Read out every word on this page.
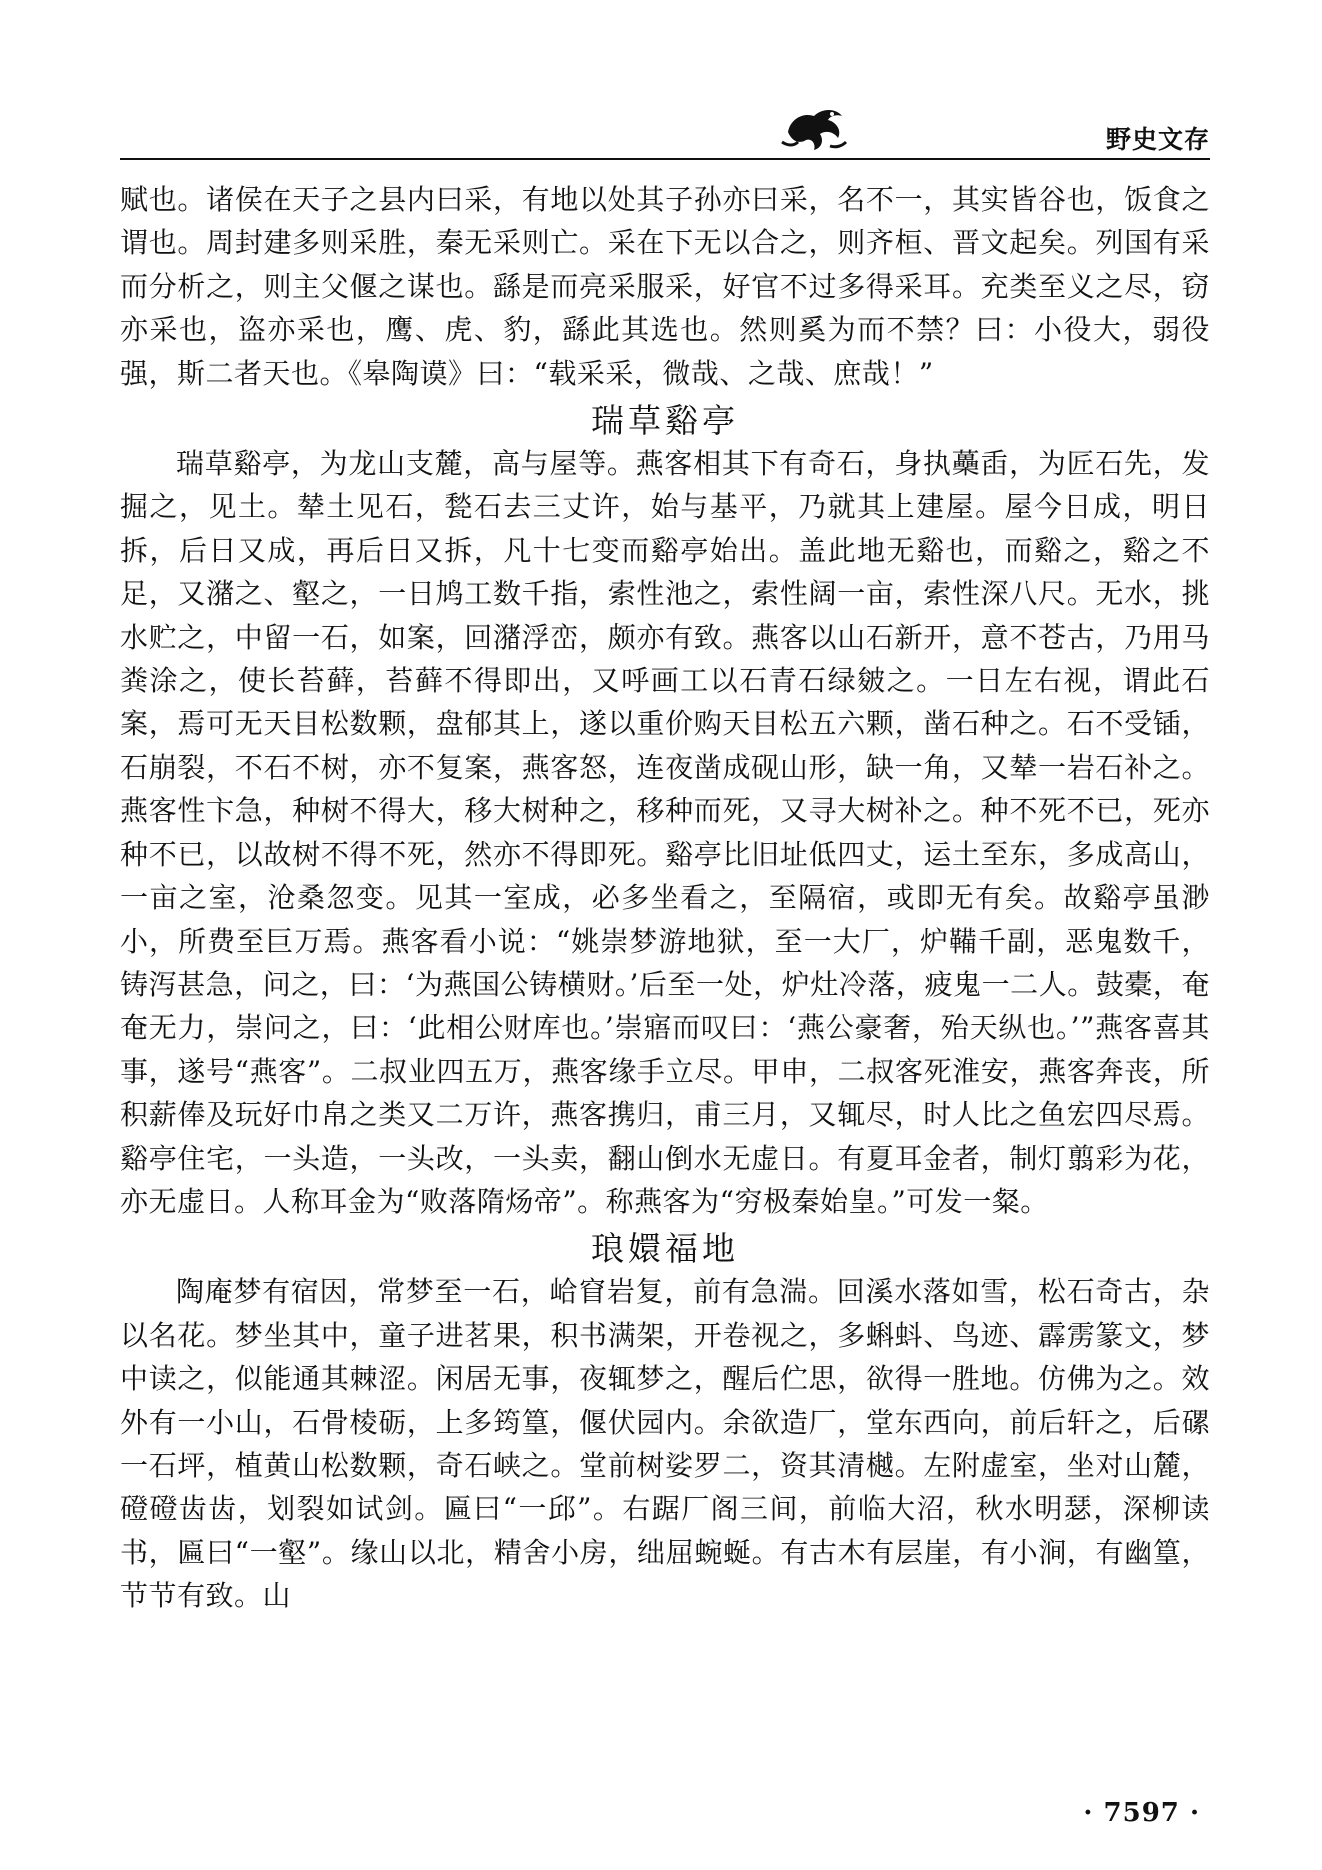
野史文存

赋也。诸侯在天子之县内曰采，有地以处其子孙亦曰采，名不一，其实皆谷也，饭食之谓也。周封建多则采胜，秦无采则亡。采在下无以合之，则齐桓、晋文起矣。列国有采而分析之，则主父偃之谋也。繇是而亮采服采，好官不过多得采耳。充类至义之尽，窃亦采也，盗亦采也，鹰、虎、豹，繇此其选也。然则奚为而不禁？曰：小役大，弱役强，斯二者天也。《皋陶谟》曰：“载采采，微哉、之哉、庶哉！”

瑞草谿亭

瑞草谿亭，为龙山支麓，高与屋等。燕客相其下有奇石，身执蘽臿，为匠石先，发掘之，见土。辇土见石，甃石去三丈许，始与基平，乃就其上建屋。屋今日成，明日拆，后日又成，再后日又拆，凡十七变而谿亭始出。盖此地无谿也，而谿之，谿之不足，又潴之、壑之，一日鸠工数千指，索性池之，索性阔一亩，索性深八尺。无水，挑水贮之，中留一石，如案，回潴浮峦，颇亦有致。燕客以山石新开，意不苍古，乃用马粪涂之，使长苔藓，苔藓不得即出，又呼画工以石青石绿皴之。一日左右视，谓此石案，焉可无天目松数颗，盘郁其上，遂以重价购天目松五六颗，凿石种之。石不受锸，石崩裂，不石不树，亦不复案，燕客怒，连夜凿成砚山形，缺一角，又辇一岩石补之。燕客性卞急，种树不得大，移大树种之，移种而死，又寻大树补之。种不死不已，死亦种不已，以故树不得不死，然亦不得即死。谿亭比旧址低四丈，运土至东，多成高山，一亩之室，沧桑忽变。见其一室成，必多坐看之，至隔宿，或即无有矣。故谿亭虽渺小，所费至巨万焉。燕客看小说：“姚崇梦游地狱，至一大厂，炉鞴千副，恶鬼数千，铸泻甚急，问之，曰：‘为燕国公铸横财。’后至一处，炉灶冷落，疲鬼一二人。鼓橐，奄奄无力，崇问之，曰：‘此相公财库也。’崇寤而叹曰：‘燕公豪奢，殆天纵也。’”燕客喜其事，遂号“燕客”。二叔业四五万，燕客缘手立尽。甲申，二叔客死淮安，燕客奔丧，所积薪俸及玩好巾帛之类又二万许，燕客携归，甫三月，又辄尽，时人比之鱼宏四尽焉。谿亭住宅，一头造，一头改，一头卖，翻山倒水无虚日。有夏耳金者，制灯翦彩为花，亦无虚日。人称耳金为“败落隋炀帝”。称燕客为“穷极秦始皇。”可发一粲。

琅嬛福地

陶庵梦有宿因，常梦至一石，峆窅岩复，前有急湍。回溪水落如雪，松石奇古，杂以名花。梦坐其中，童子进茗果，积书满架，开卷视之，多蝌蚪、鸟迹、霹雳篆文，梦中读之，似能通其棘涩。闲居无事，夜辄梦之，醒后伫思，欲得一胜地。仿佛为之。效外有一小山，石骨棱砺，上多筠篁，偃伏园内。余欲造厂，堂东西向，前后轩之，后磥一石坪，植黄山松数颗，奇石峡之。堂前树娑罗二，资其清樾。左附虚室，坐对山麓，磴磴齿齿，划裂如试剑。匾曰“一邱”。右踞厂阁三间，前临大沼，秋水明瑟，深柳读书，匾曰“一壑”。缘山以北，精舍小房，绌屈蜿蜒。有古木有层崖，有小涧，有幽篁，节节有致。山

· 7597 ·
